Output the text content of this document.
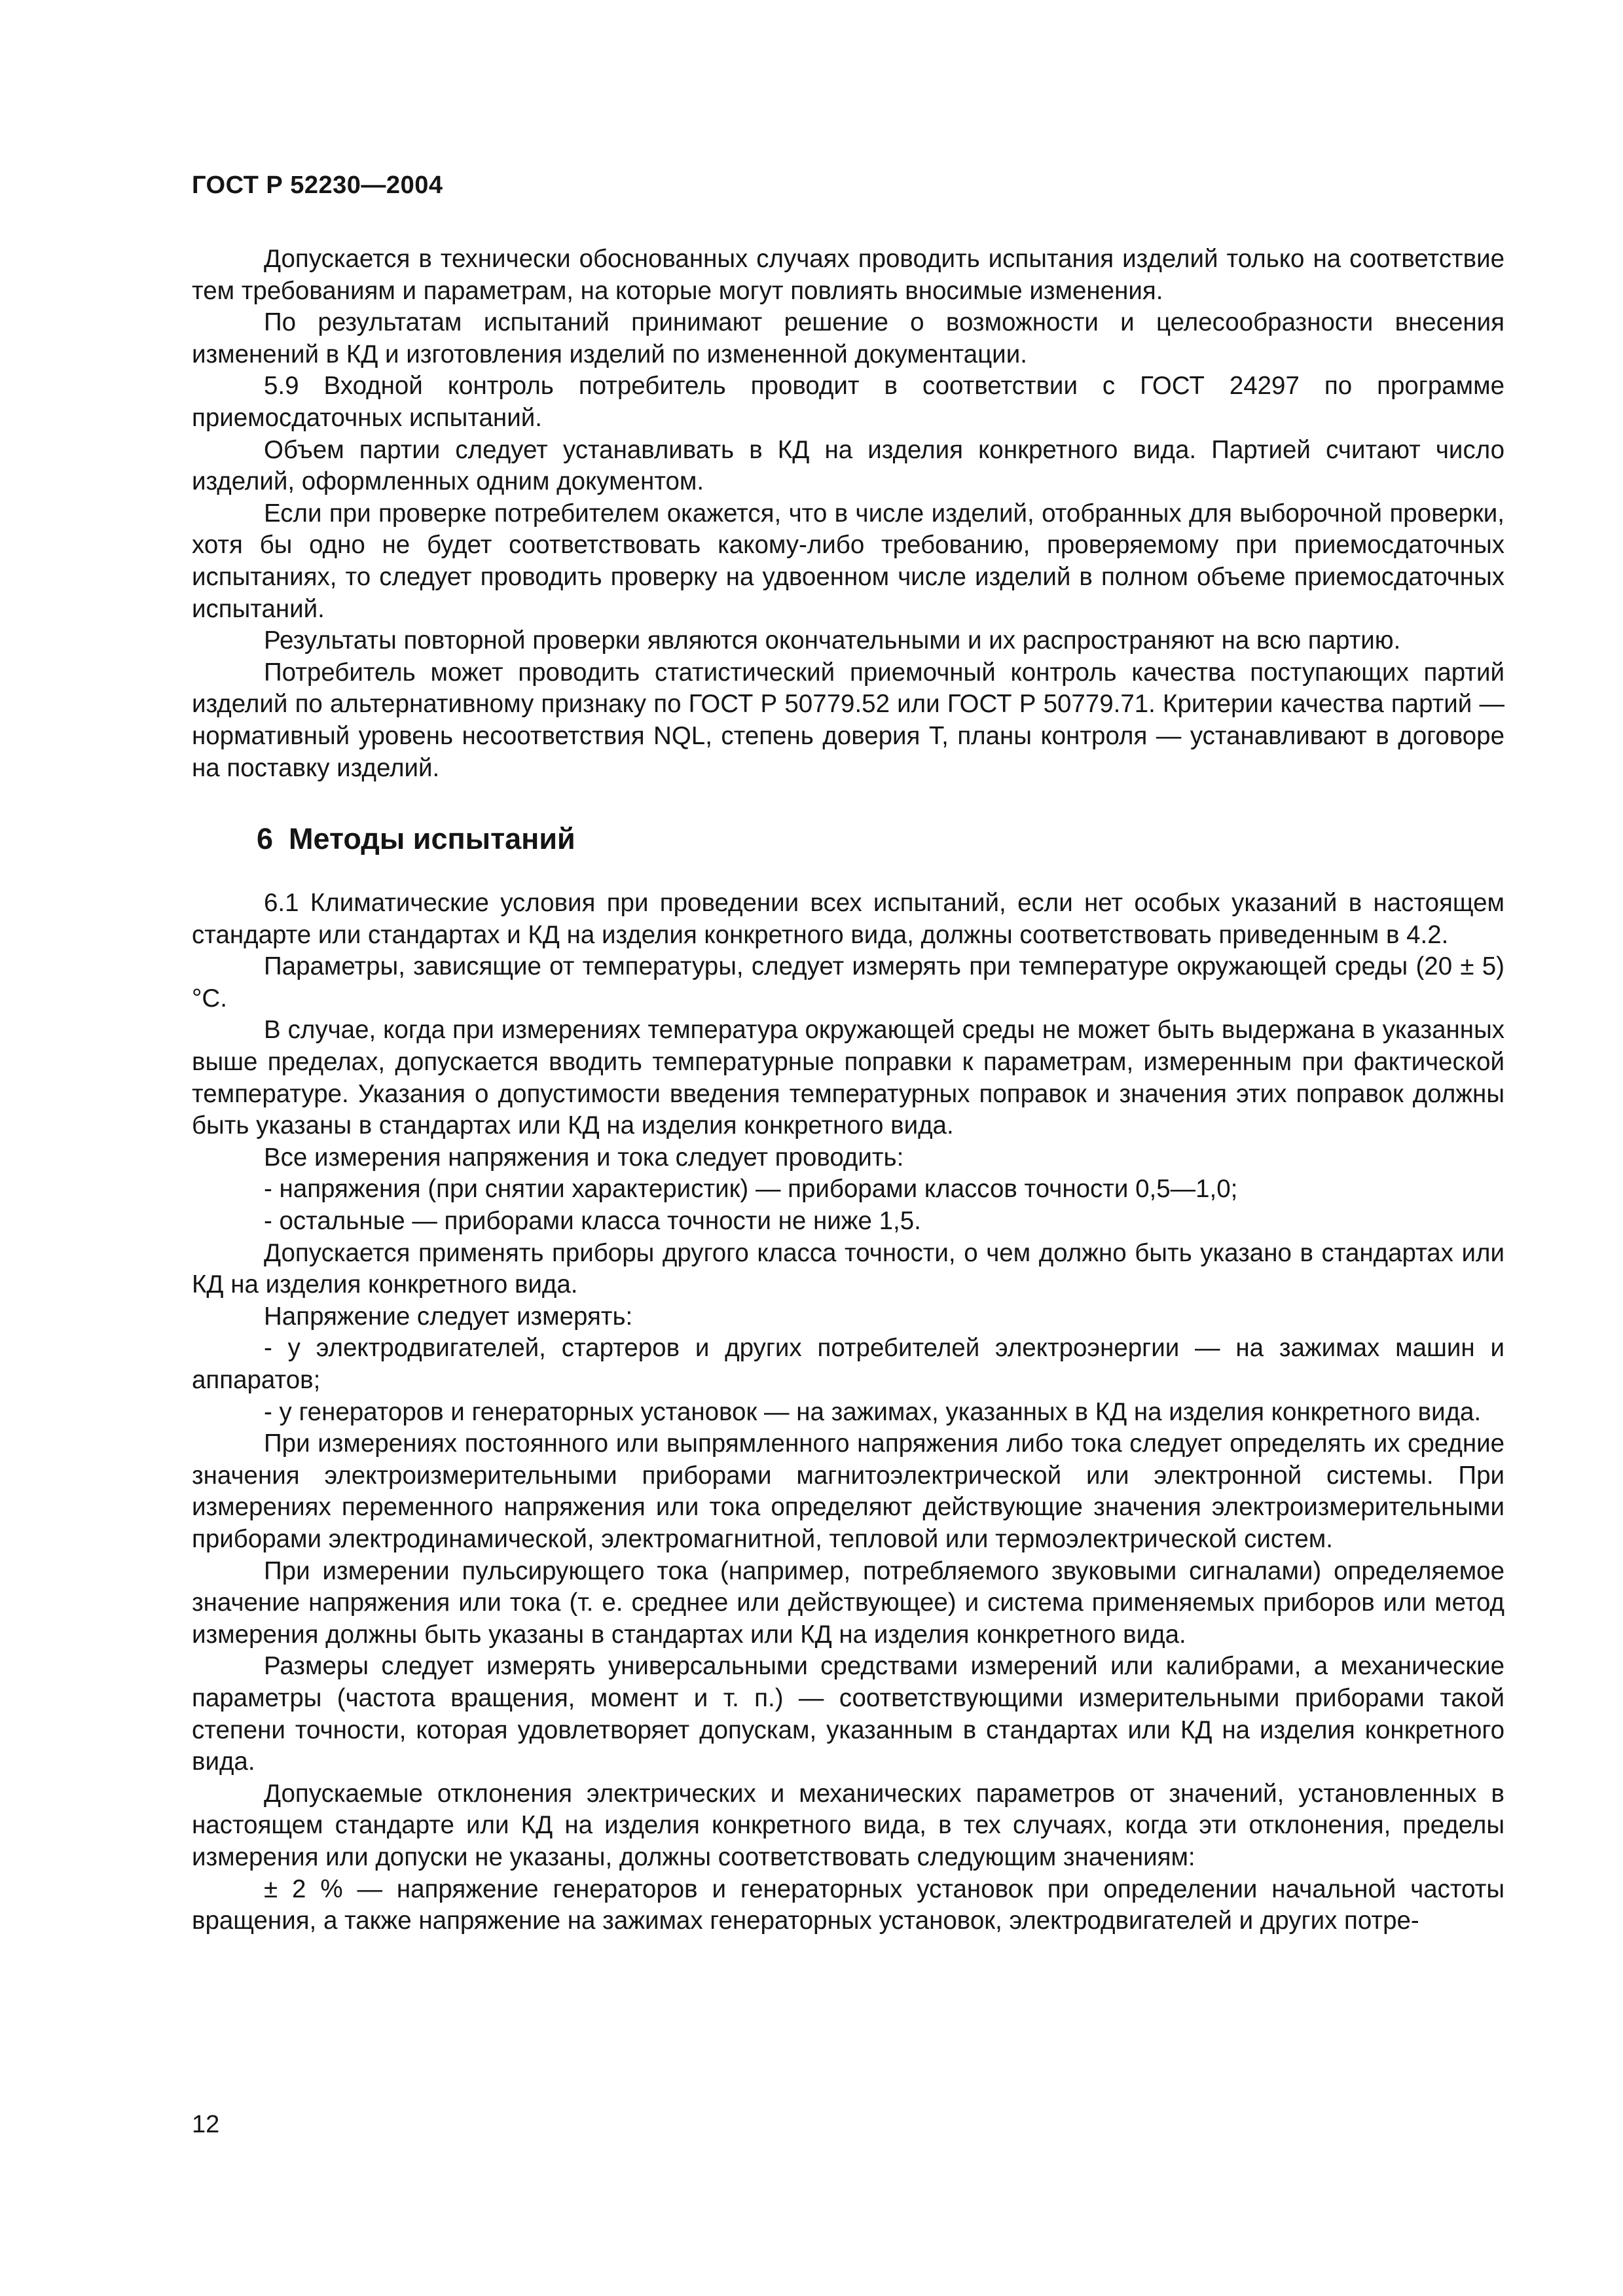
ГОСТ Р 52230—2004

Допускается в технически обоснованных случаях проводить испытания изделий только на соответствие тем требованиям и параметрам, на которые могут повлиять вносимые изменения.

По результатам испытаний принимают решение о возможности и целесообразности внесения изменений в КД и изготовления изделий по измененной документации.

5.9 Входной контроль потребитель проводит в соответствии с ГОСТ 24297 по программе приемосдаточных испытаний.

Объем партии следует устанавливать в КД на изделия конкретного вида. Партией считают число изделий, оформленных одним документом.

Если при проверке потребителем окажется, что в числе изделий, отобранных для выборочной проверки, хотя бы одно не будет соответствовать какому-либо требованию, проверяемому при приемосдаточных испытаниях, то следует проводить проверку на удвоенном числе изделий в полном объеме приемосдаточных испытаний.

Результаты повторной проверки являются окончательными и их распространяют на всю партию.

Потребитель может проводить статистический приемочный контроль качества поступающих партий изделий по альтернативному признаку по ГОСТ Р 50779.52 или ГОСТ Р 50779.71. Критерии качества партий — нормативный уровень несоответствия NQL, степень доверия T, планы контроля — устанавливают в договоре на поставку изделий.

6 Методы испытаний

6.1 Климатические условия при проведении всех испытаний, если нет особых указаний в настоящем стандарте или стандартах и КД на изделия конкретного вида, должны соответствовать приведенным в 4.2.

Параметры, зависящие от температуры, следует измерять при температуре окружающей среды (20 ± 5) °С.

В случае, когда при измерениях температура окружающей среды не может быть выдержана в указанных выше пределах, допускается вводить температурные поправки к параметрам, измеренным при фактической температуре. Указания о допустимости введения температурных поправок и значения этих поправок должны быть указаны в стандартах или КД на изделия конкретного вида.

Все измерения напряжения и тока следует проводить:

- напряжения (при снятии характеристик) — приборами классов точности 0,5—1,0;

- остальные — приборами класса точности не ниже 1,5.

Допускается применять приборы другого класса точности, о чем должно быть указано в стандартах или КД на изделия конкретного вида.

Напряжение следует измерять:

- у электродвигателей, стартеров и других потребителей электроэнергии — на зажимах машин и аппаратов;

- у генераторов и генераторных установок — на зажимах, указанных в КД на изделия конкретного вида.

При измерениях постоянного или выпрямленного напряжения либо тока следует определять их средние значения электроизмерительными приборами магнитоэлектрической или электронной системы. При измерениях переменного напряжения или тока определяют действующие значения электроизмерительными приборами электродинамической, электромагнитной, тепловой или термоэлектрической систем.

При измерении пульсирующего тока (например, потребляемого звуковыми сигналами) определяемое значение напряжения или тока (т. е. среднее или действующее) и система применяемых приборов или метод измерения должны быть указаны в стандартах или КД на изделия конкретного вида.

Размеры следует измерять универсальными средствами измерений или калибрами, а механические параметры (частота вращения, момент и т. п.) — соответствующими измерительными приборами такой степени точности, которая удовлетворяет допускам, указанным в стандартах или КД на изделия конкретного вида.

Допускаемые отклонения электрических и механических параметров от значений, установленных в настоящем стандарте или КД на изделия конкретного вида, в тех случаях, когда эти отклонения, пределы измерения или допуски не указаны, должны соответствовать следующим значениям:

± 2 % — напряжение генераторов и генераторных установок при определении начальной частоты вращения, а также напряжение на зажимах генераторных установок, электродвигателей и других потре-

12
